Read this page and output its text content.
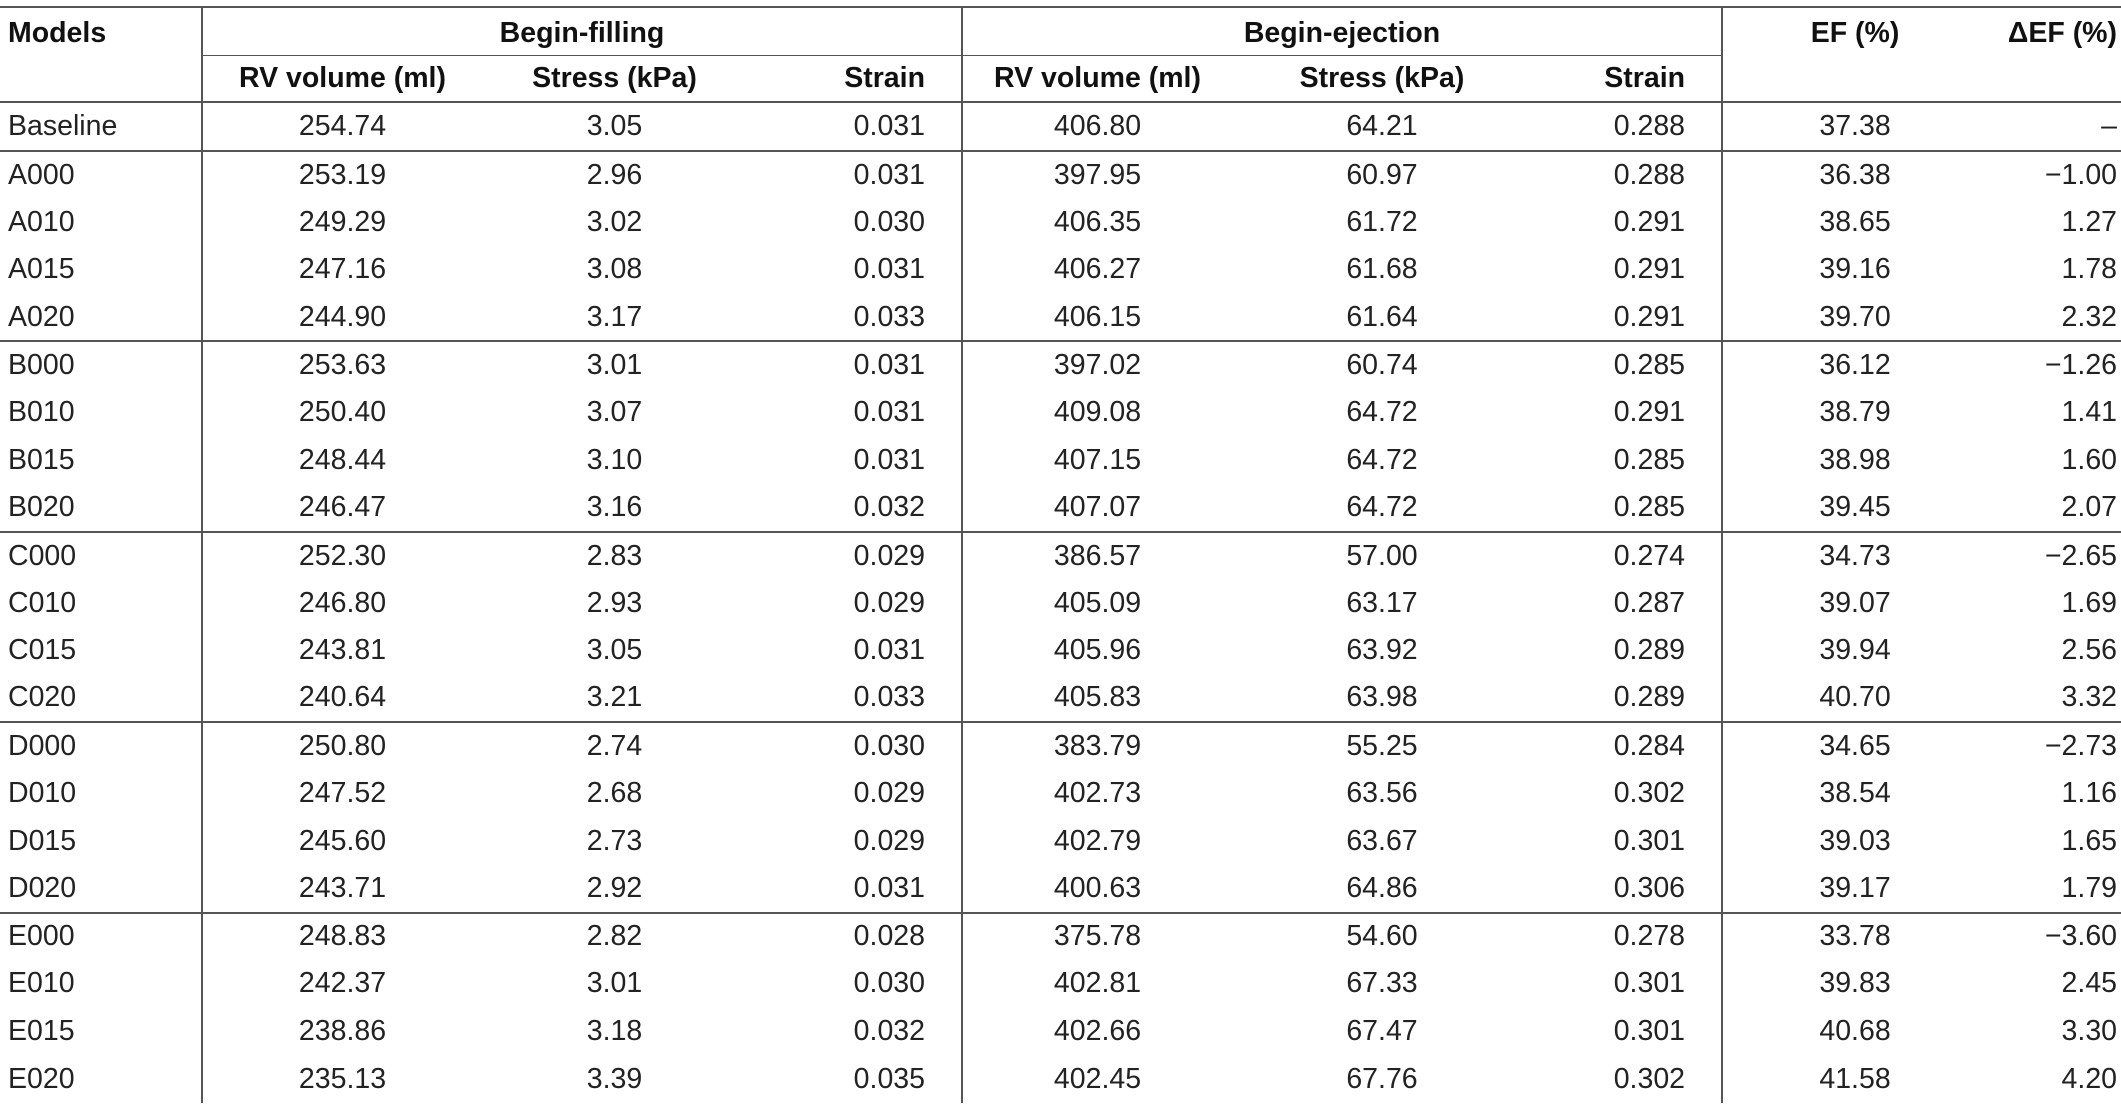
Models	Begin-filling			Begin-ejection			EF (%)	ΔEF (%)
	RV volume (ml)	Stress (kPa)	Strain	RV volume (ml)	Stress (kPa)	Strain		
Baseline	254.74	3.05	0.031	406.80	64.21	0.288	37.38	–
A000	253.19	2.96	0.031	397.95	60.97	0.288	36.38	−1.00
A010	249.29	3.02	0.030	406.35	61.72	0.291	38.65	1.27
A015	247.16	3.08	0.031	406.27	61.68	0.291	39.16	1.78
A020	244.90	3.17	0.033	406.15	61.64	0.291	39.70	2.32
B000	253.63	3.01	0.031	397.02	60.74	0.285	36.12	−1.26
B010	250.40	3.07	0.031	409.08	64.72	0.291	38.79	1.41
B015	248.44	3.10	0.031	407.15	64.72	0.285	38.98	1.60
B020	246.47	3.16	0.032	407.07	64.72	0.285	39.45	2.07
C000	252.30	2.83	0.029	386.57	57.00	0.274	34.73	−2.65
C010	246.80	2.93	0.029	405.09	63.17	0.287	39.07	1.69
C015	243.81	3.05	0.031	405.96	63.92	0.289	39.94	2.56
C020	240.64	3.21	0.033	405.83	63.98	0.289	40.70	3.32
D000	250.80	2.74	0.030	383.79	55.25	0.284	34.65	−2.73
D010	247.52	2.68	0.029	402.73	63.56	0.302	38.54	1.16
D015	245.60	2.73	0.029	402.79	63.67	0.301	39.03	1.65
D020	243.71	2.92	0.031	400.63	64.86	0.306	39.17	1.79
E000	248.83	2.82	0.028	375.78	54.60	0.278	33.78	−3.60
E010	242.37	3.01	0.030	402.81	67.33	0.301	39.83	2.45
E015	238.86	3.18	0.032	402.66	67.47	0.301	40.68	3.30
E020	235.13	3.39	0.035	402.45	67.76	0.302	41.58	4.20
